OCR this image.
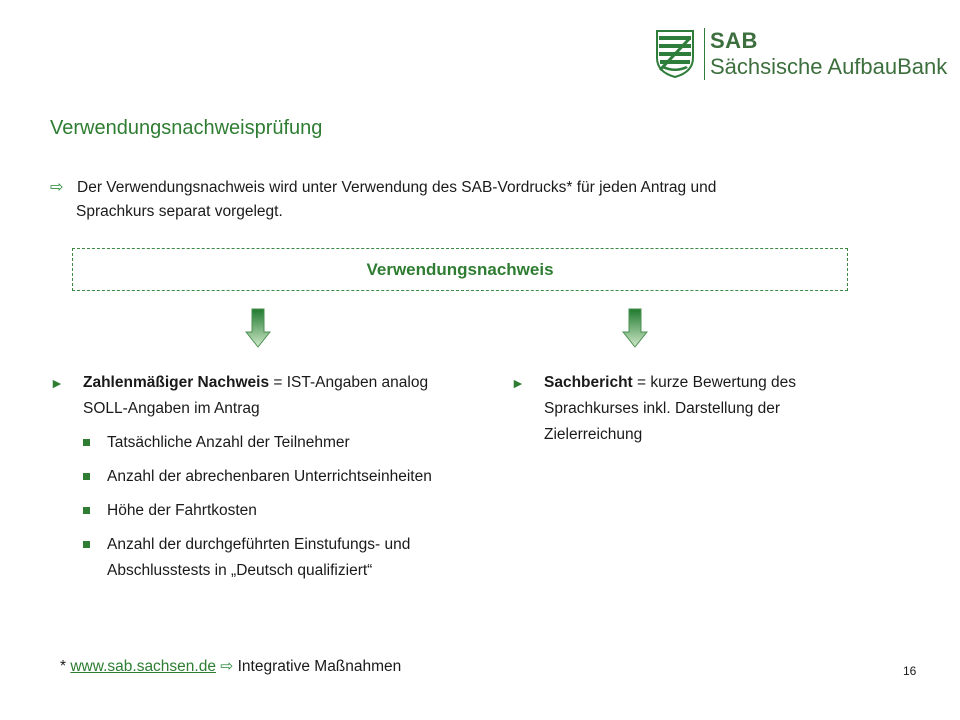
SAB
Sächsische AufbauBank
Verwendungsnachweisprüfung
⇨ Der Verwendungsnachweis wird unter Verwendung des SAB-Vordrucks* für jeden Antrag und
Sprachkurs separat vorgelegt.
Verwendungsnachweis
► Zahlenmäßiger Nachweis = IST-Angaben analog SOLL-Angaben im Antrag
Tatsächliche Anzahl der Teilnehmer
Anzahl der abrechenbaren Unterrichtseinheiten
Höhe der Fahrtkosten
Anzahl der durchgeführten Einstufungs- und Abschlusstests in „Deutsch qualifiziert“
► Sachbericht = kurze Bewertung des Sprachkurses inkl. Darstellung der Zielerreichung
* www.sab.sachsen.de ⇨ Integrative Maßnahmen	16
